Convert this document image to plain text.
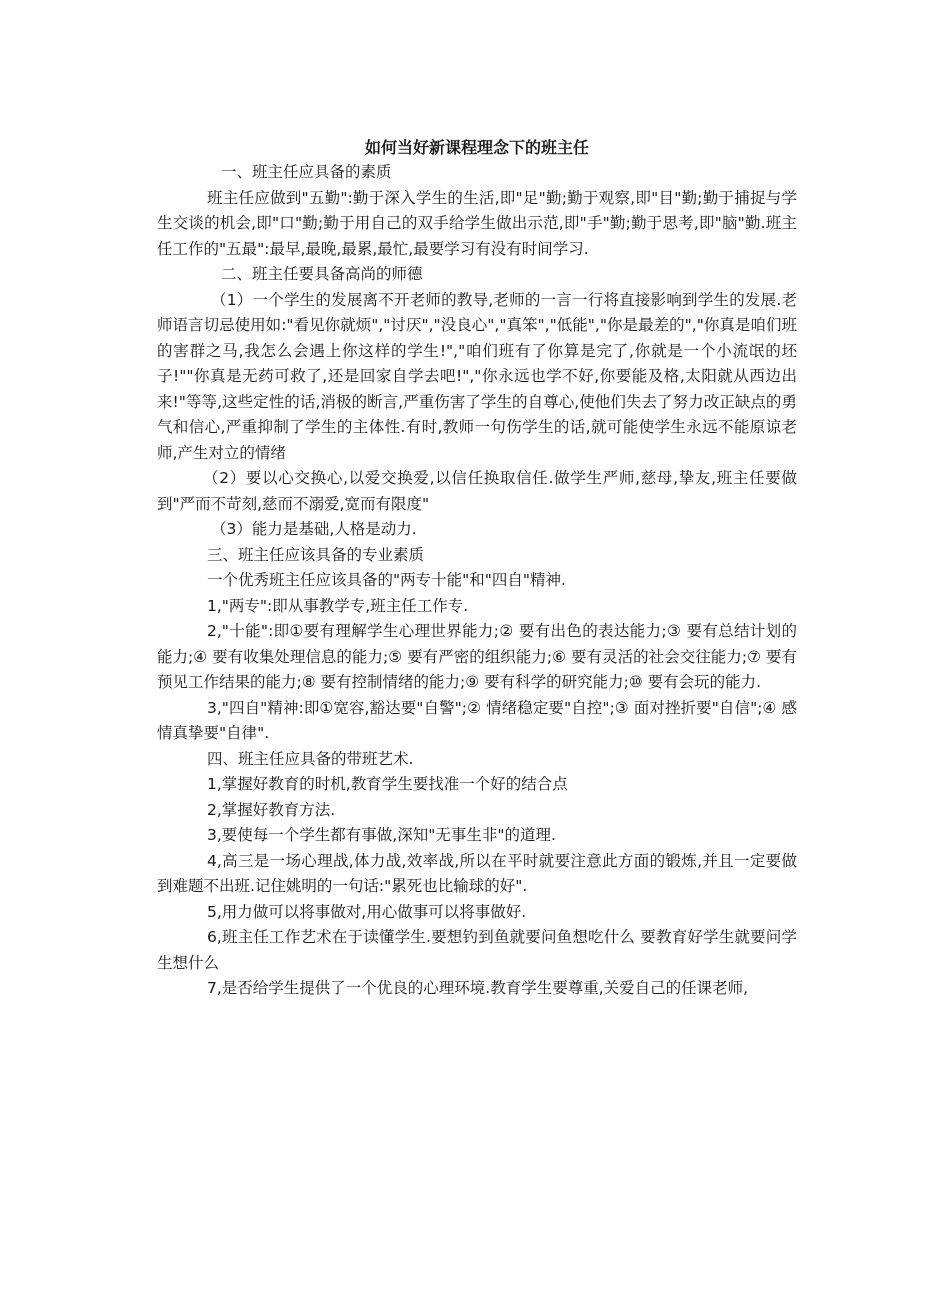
如何当好新课程理念下的班主任

一、班主任应具备的素质

班主任应做到"五勤":勤于深入学生的生活,即"足"勤;勤于观察,即"目"勤;勤于捕捉与学生交谈的机会,即"口"勤;勤于用自己的双手给学生做出示范,即"手"勤;勤于思考,即"脑"勤.班主任工作的"五最":最早,最晚,最累,最忙,最要学习有没有时间学习.

二、班主任要具备高尚的师德

（1）一个学生的发展离不开老师的教导,老师的一言一行将直接影响到学生的发展.老师语言切忌使用如:"看见你就烦","讨厌","没良心","真笨","低能","你是最差的","你真是咱们班的害群之马,我怎么会遇上你这样的学生!","咱们班有了你算是完了,你就是一个小流氓的坯子!""你真是无药可救了,还是回家自学去吧!","你永远也学不好,你要能及格,太阳就从西边出来!"等等,这些定性的话,消极的断言,严重伤害了学生的自尊心,使他们失去了努力改正缺点的勇气和信心,严重抑制了学生的主体性.有时,教师一句伤学生的话,就可能使学生永远不能原谅老师,产生对立的情绪

（2）要以心交换心,以爱交换爱,以信任换取信任.做学生严师,慈母,挚友,班主任要做到"严而不苛刻,慈而不溺爱,宽而有限度"

（3）能力是基础,人格是动力.

三、班主任应该具备的专业素质

一个优秀班主任应该具备的"两专十能"和"四自"精神.

1,"两专":即从事教学专,班主任工作专.

2,"十能":即①要有理解学生心理世界能力;② 要有出色的表达能力;③ 要有总结计划的能力;④ 要有收集处理信息的能力;⑤ 要有严密的组织能力;⑥ 要有灵活的社会交往能力;⑦ 要有预见工作结果的能力;⑧ 要有控制情绪的能力;⑨ 要有科学的研究能力;⑩ 要有会玩的能力.

3,"四自"精神:即①宽容,豁达要"自警";② 情绪稳定要"自控";③ 面对挫折要"自信";④ 感情真挚要"自律".

四、班主任应具备的带班艺术.

1,掌握好教育的时机,教育学生要找准一个好的结合点

2,掌握好教育方法.

3,要使每一个学生都有事做,深知"无事生非"的道理.

4,高三是一场心理战,体力战,效率战,所以在平时就要注意此方面的锻炼,并且一定要做到难题不出班.记住姚明的一句话:"累死也比输球的好".

5,用力做可以将事做对,用心做事可以将事做好.

6,班主任工作艺术在于读懂学生.要想钓到鱼就要问鱼想吃什么 要教育好学生就要问学生想什么

7,是否给学生提供了一个优良的心理环境.教育学生要尊重,关爱自己的任课老师,
